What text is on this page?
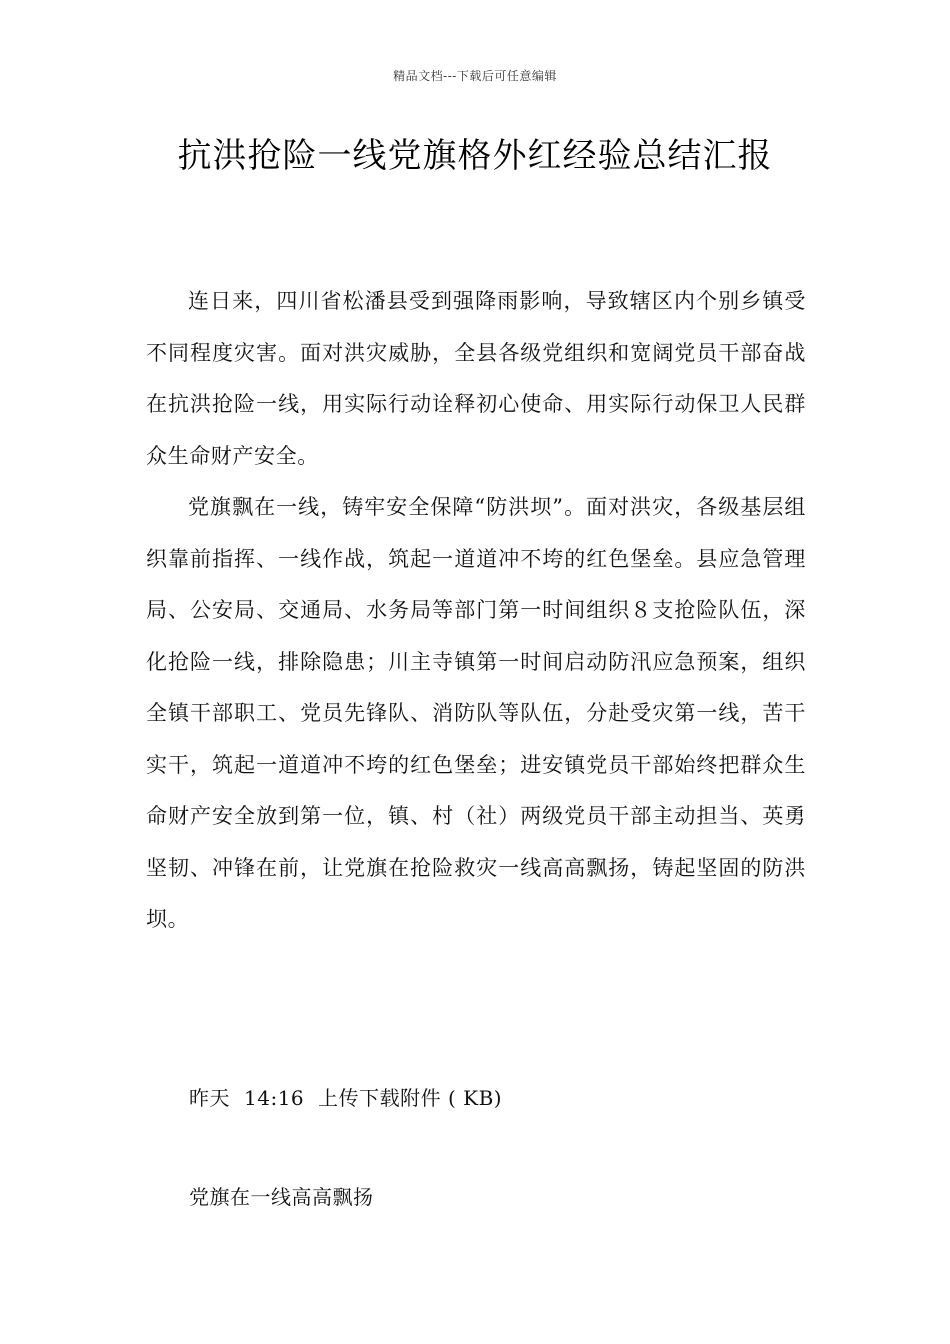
精品文档---下载后可任意编辑
抗洪抢险一线党旗格外红经验总结汇报

连日来，四川省松潘县受到强降雨影响，导致辖区内个别乡镇受不同程度灾害。面对洪灾威胁，全县各级党组织和宽阔党员干部奋战在抗洪抢险一线，用实际行动诠释初心使命、用实际行动保卫人民群众生命财产安全。

党旗飘在一线，铸牢安全保障“防洪坝”。面对洪灾，各级基层组织靠前指挥、一线作战，筑起一道道冲不垮的红色堡垒。县应急管理局、公安局、交通局、水务局等部门第一时间组织８支抢险队伍，深化抢险一线，排除隐患；川主寺镇第一时间启动防汛应急预案，组织全镇干部职工、党员先锋队、消防队等队伍，分赴受灾第一线，苦干实干，筑起一道道冲不垮的红色堡垒；进安镇党员干部始终把群众生命财产安全放到第一位，镇、村（社）两级党员干部主动担当、英勇坚韧、冲锋在前，让党旗在抢险救灾一线高高飘扬，铸起坚固的防洪坝。

昨天 14:16 上传下载附件 ( KB)
党旗在一线高高飘扬
